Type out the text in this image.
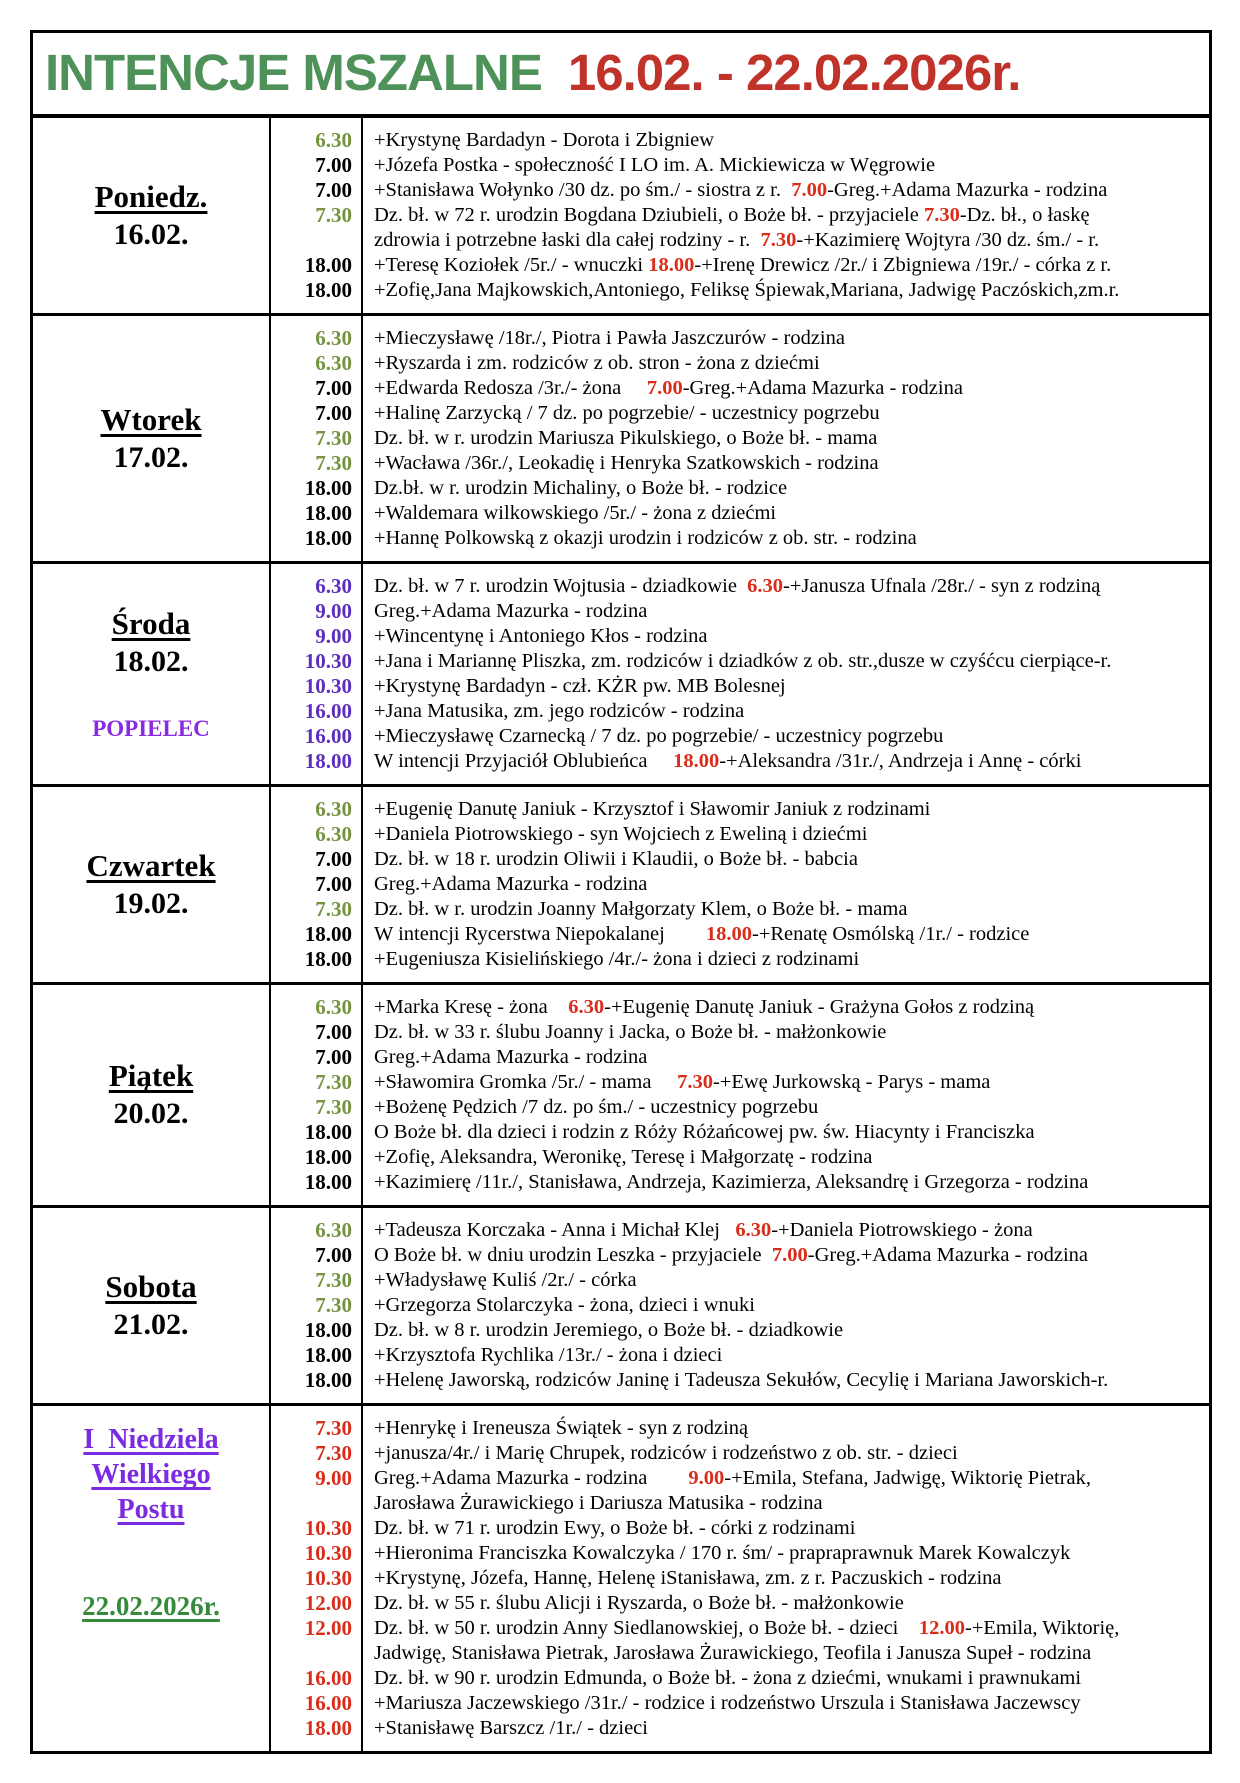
INTENCJE MSZALNE 16.02. - 22.02.2026r.
Poniedz.
16.02.
6.30
7.00
7.00
7.30
18.00
18.00
+Krystynę Bardadyn - Dorota i Zbigniew
+Józefa Postka - społeczność I LO im. A. Mickiewicza w Węgrowie
+Stanisława Wołynko /30 dz. po śm./ - siostra z r.  7.00-Greg.+Adama Mazurka - rodzina
Dz. bł. w 72 r. urodzin Bogdana Dziubieli, o Boże bł. - przyjaciele 7.30-Dz. bł., o łaskę
zdrowia i potrzebne łaski dla całej rodziny - r.  7.30-+Kazimierę Wojtyra /30 dz. śm./ - r.
+Teresę Koziołek /5r./ - wnuczki 18.00-+Irenę Drewicz /2r./ i Zbigniewa /19r./ - córka z r.
+Zofię,Jana Majkowskich,Antoniego, Feliksę Śpiewak,Mariana, Jadwigę Paczóskich,zm.r.
Wtorek
17.02.
6.30
6.30
7.00
7.00
7.30
7.30
18.00
18.00
18.00
+Mieczysławę /18r./, Piotra i Pawła Jaszczurów - rodzina
+Ryszarda i zm. rodziców z ob. stron - żona z dziećmi
+Edwarda Redosza /3r./- żona     7.00-Greg.+Adama Mazurka - rodzina
+Halinę Zarzycką / 7 dz. po pogrzebie/ - uczestnicy pogrzebu
Dz. bł. w r. urodzin Mariusza Pikulskiego, o Boże bł. - mama
+Wacława /36r./, Leokadię i Henryka Szatkowskich - rodzina
Dz.bł. w r. urodzin Michaliny, o Boże bł. - rodzice
+Waldemara wilkowskiego /5r./ - żona z dziećmi
+Hannę Polkowską z okazji urodzin i rodziców z ob. str. - rodzina
Środa
18.02.
POPIELEC
6.30
9.00
9.00
10.30
10.30
16.00
16.00
18.00
Dz. bł. w 7 r. urodzin Wojtusia - dziadkowie  6.30-+Janusza Ufnala /28r./ - syn z rodziną
Greg.+Adama Mazurka - rodzina
+Wincentynę i Antoniego Kłos - rodzina
+Jana i Mariannę Pliszka, zm. rodziców i dziadków z ob. str.,dusze w czyśćcu cierpiące-r.
+Krystynę Bardadyn - czł. KŻR pw. MB Bolesnej
+Jana Matusika, zm. jego rodziców - rodzina
+Mieczysławę Czarnecką / 7 dz. po pogrzebie/ - uczestnicy pogrzebu
W intencji Przyjaciół Oblubieńca     18.00-+Aleksandra /31r./, Andrzeja i Annę - córki
Czwartek
19.02.
6.30
6.30
7.00
7.00
7.30
18.00
18.00
+Eugenię Danutę Janiuk - Krzysztof i Sławomir Janiuk z rodzinami
+Daniela Piotrowskiego - syn Wojciech z Eweliną i dziećmi
Dz. bł. w 18 r. urodzin Oliwii i Klaudii, o Boże bł. - babcia
Greg.+Adama Mazurka - rodzina
Dz. bł. w r. urodzin Joanny Małgorzaty Klem, o Boże bł. - mama
W intencji Rycerstwa Niepokalanej        18.00-+Renatę Osmólską /1r./ - rodzice
+Eugeniusza Kisielińskiego /4r./- żona i dzieci z rodzinami
Piątek
20.02.
6.30
7.00
7.00
7.30
7.30
18.00
18.00
18.00
+Marka Kresę - żona    6.30-+Eugenię Danutę Janiuk - Grażyna Gołos z rodziną
Dz. bł. w 33 r. ślubu Joanny i Jacka, o Boże bł. - małżonkowie
Greg.+Adama Mazurka - rodzina
+Sławomira Gromka /5r./ - mama     7.30-+Ewę Jurkowską - Parys - mama
+Bożenę Pędzich /7 dz. po śm./ - uczestnicy pogrzebu
O Boże bł. dla dzieci i rodzin z Róży Różańcowej pw. św. Hiacynty i Franciszka
+Zofię, Aleksandra, Weronikę, Teresę i Małgorzatę - rodzina
+Kazimierę /11r./, Stanisława, Andrzeja, Kazimierza, Aleksandrę i Grzegorza - rodzina
Sobota
21.02.
6.30
7.00
7.30
7.30
18.00
18.00
18.00
+Tadeusza Korczaka - Anna i Michał Klej   6.30-+Daniela Piotrowskiego - żona
O Boże bł. w dniu urodzin Leszka - przyjaciele  7.00-Greg.+Adama Mazurka - rodzina
+Władysławę Kuliś /2r./ - córka
+Grzegorza Stolarczyka - żona, dzieci i wnuki
Dz. bł. w 8 r. urodzin Jeremiego, o Boże bł. - dziadkowie
+Krzysztofa Rychlika /13r./ - żona i dzieci
+Helenę Jaworską, rodziców Janinę i Tadeusza Sekułów, Cecylię i Mariana Jaworskich-r.
I  Niedziela
Wielkiego
Postu
22.02.2026r.
7.30
7.30
9.00
10.30
10.30
10.30
12.00
12.00
16.00
16.00
18.00
+Henrykę i Ireneusza Świątek - syn z rodziną
+janusza/4r./ i Marię Chrupek, rodziców i rodzeństwo z ob. str. - dzieci
Greg.+Adama Mazurka - rodzina        9.00-+Emila, Stefana, Jadwigę, Wiktorię Pietrak,
Jarosława Żurawickiego i Dariusza Matusika - rodzina
Dz. bł. w 71 r. urodzin Ewy, o Boże bł. - córki z rodzinami
+Hieronima Franciszka Kowalczyka / 170 r. śm/ - prapraprawnuk Marek Kowalczyk
+Krystynę, Józefa, Hannę, Helenę iStanisława, zm. z r. Paczuskich - rodzina
Dz. bł. w 55 r. ślubu Alicji i Ryszarda, o Boże bł. - małżonkowie
Dz. bł. w 50 r. urodzin Anny Siedlanowskiej, o Boże bł. - dzieci    12.00-+Emila, Wiktorię,
Jadwigę, Stanisława Pietrak, Jarosława Żurawickiego, Teofila i Janusza Supeł - rodzina
Dz. bł. w 90 r. urodzin Edmunda, o Boże bł. - żona z dziećmi, wnukami i prawnukami
+Mariusza Jaczewskiego /31r./ - rodzice i rodzeństwo Urszula i Stanisława Jaczewscy
+Stanisławę Barszcz /1r./ - dzieci
